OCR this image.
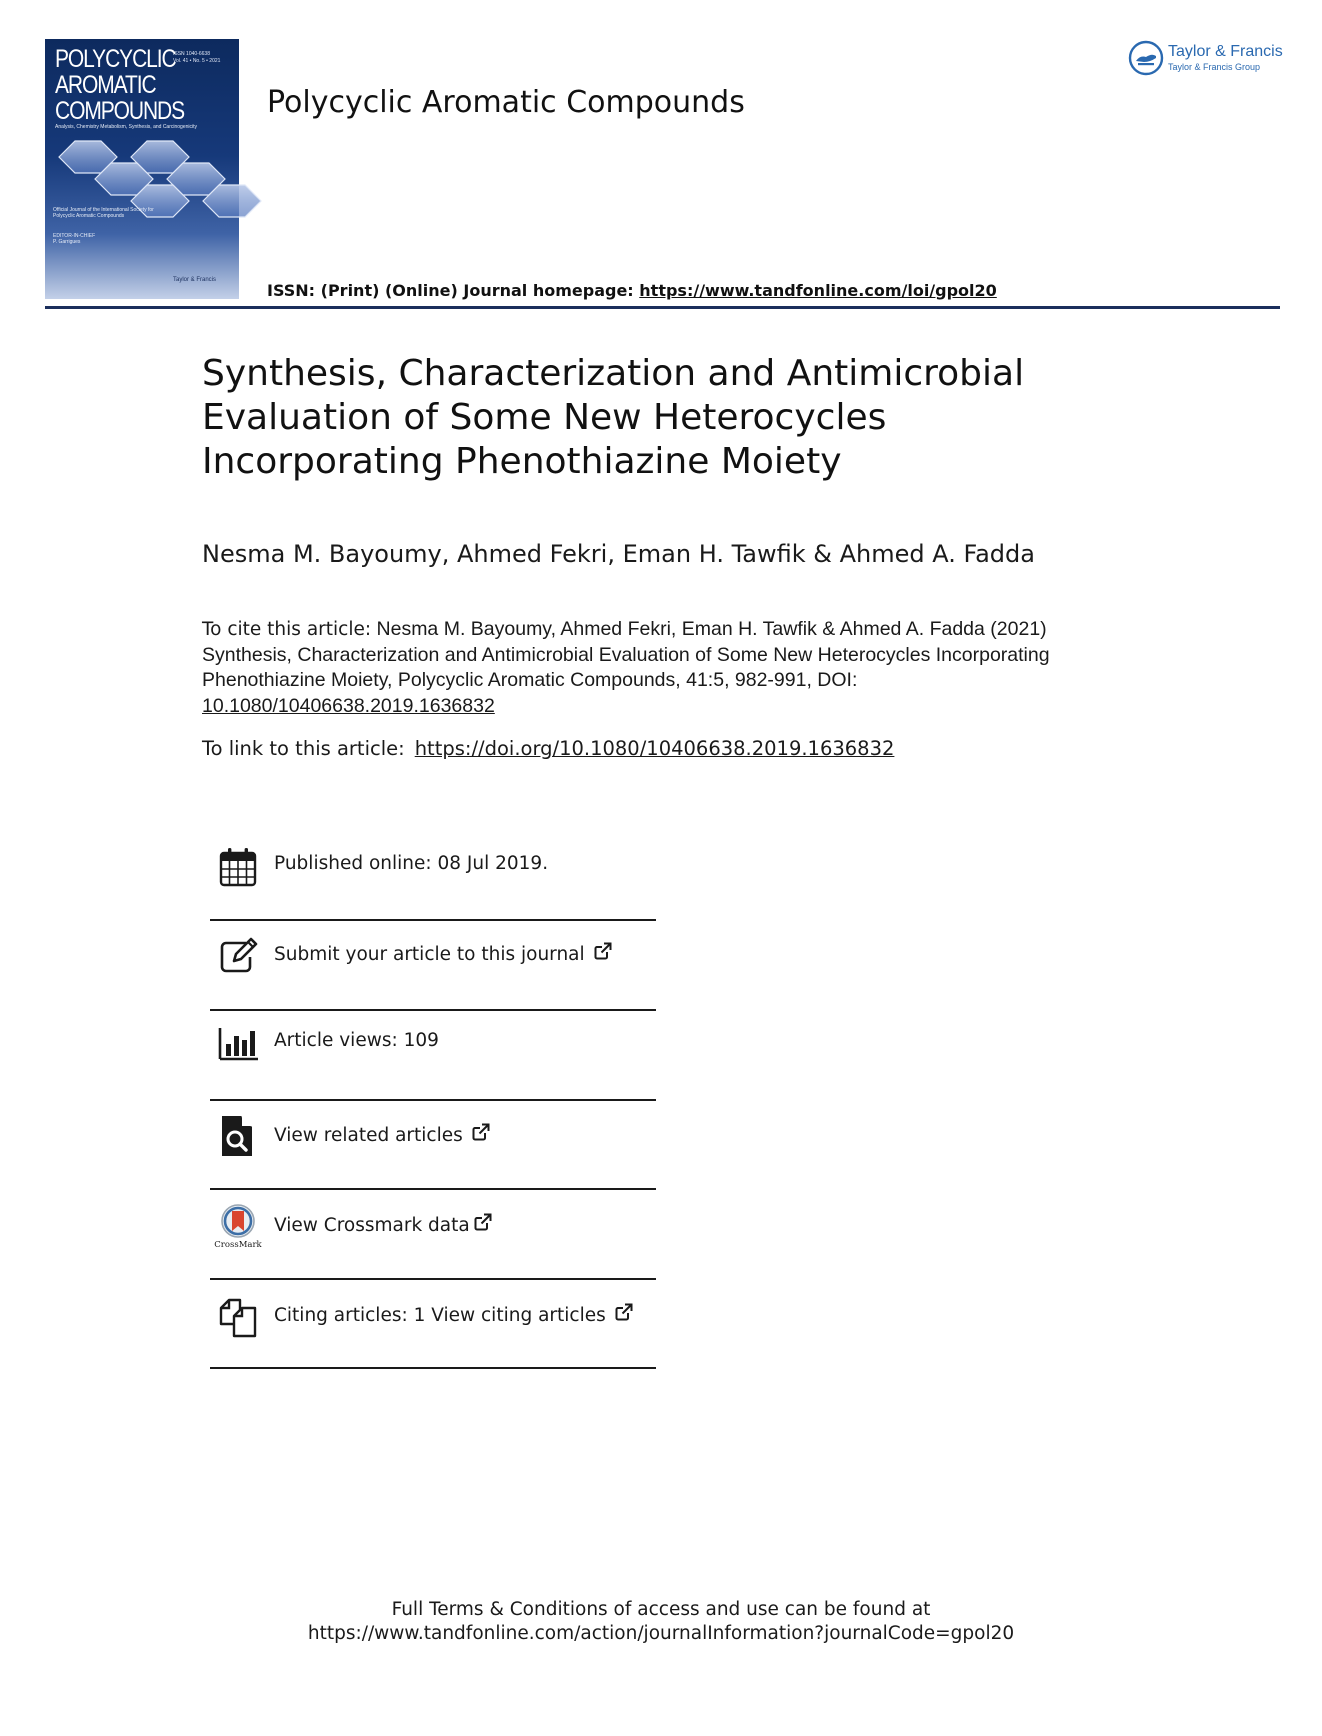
POLYCYCLIC
AROMATIC
COMPOUNDS
ISSN 1040-6638
Vol. 41 • No. 5 • 2021
Analysis, Chemistry Metabolism, Synthesis, and Carcinogenicity
Official Journal of the International Society for Polycyclic Aromatic Compounds
EDITOR-IN-CHIEF
P. Garrigues
Taylor & Francis
Polycyclic Aromatic Compounds
ISSN: (Print) (Online) Journal homepage: https://www.tandfonline.com/loi/gpol20
Taylor & Francis
Taylor & Francis Group
Synthesis, Characterization and Antimicrobial
Evaluation of Some New Heterocycles
Incorporating Phenothiazine Moiety
Nesma M. Bayoumy, Ahmed Fekri, Eman H. Tawfik & Ahmed A. Fadda
To cite this article: Nesma M. Bayoumy, Ahmed Fekri, Eman H. Tawfik & Ahmed A. Fadda (2021) Synthesis, Characterization and Antimicrobial Evaluation of Some New Heterocycles Incorporating Phenothiazine Moiety, Polycyclic Aromatic Compounds, 41:5, 982-991, DOI: 10.1080/10406638.2019.1636832
To link to this article: https://doi.org/10.1080/10406638.2019.1636832
Published online: 08 Jul 2019.
Submit your article to this journal
Article views: 109
View related articles
CrossMark
View Crossmark data
Citing articles: 1 View citing articles
Full Terms & Conditions of access and use can be found at
https://www.tandfonline.com/action/journalInformation?journalCode=gpol20
